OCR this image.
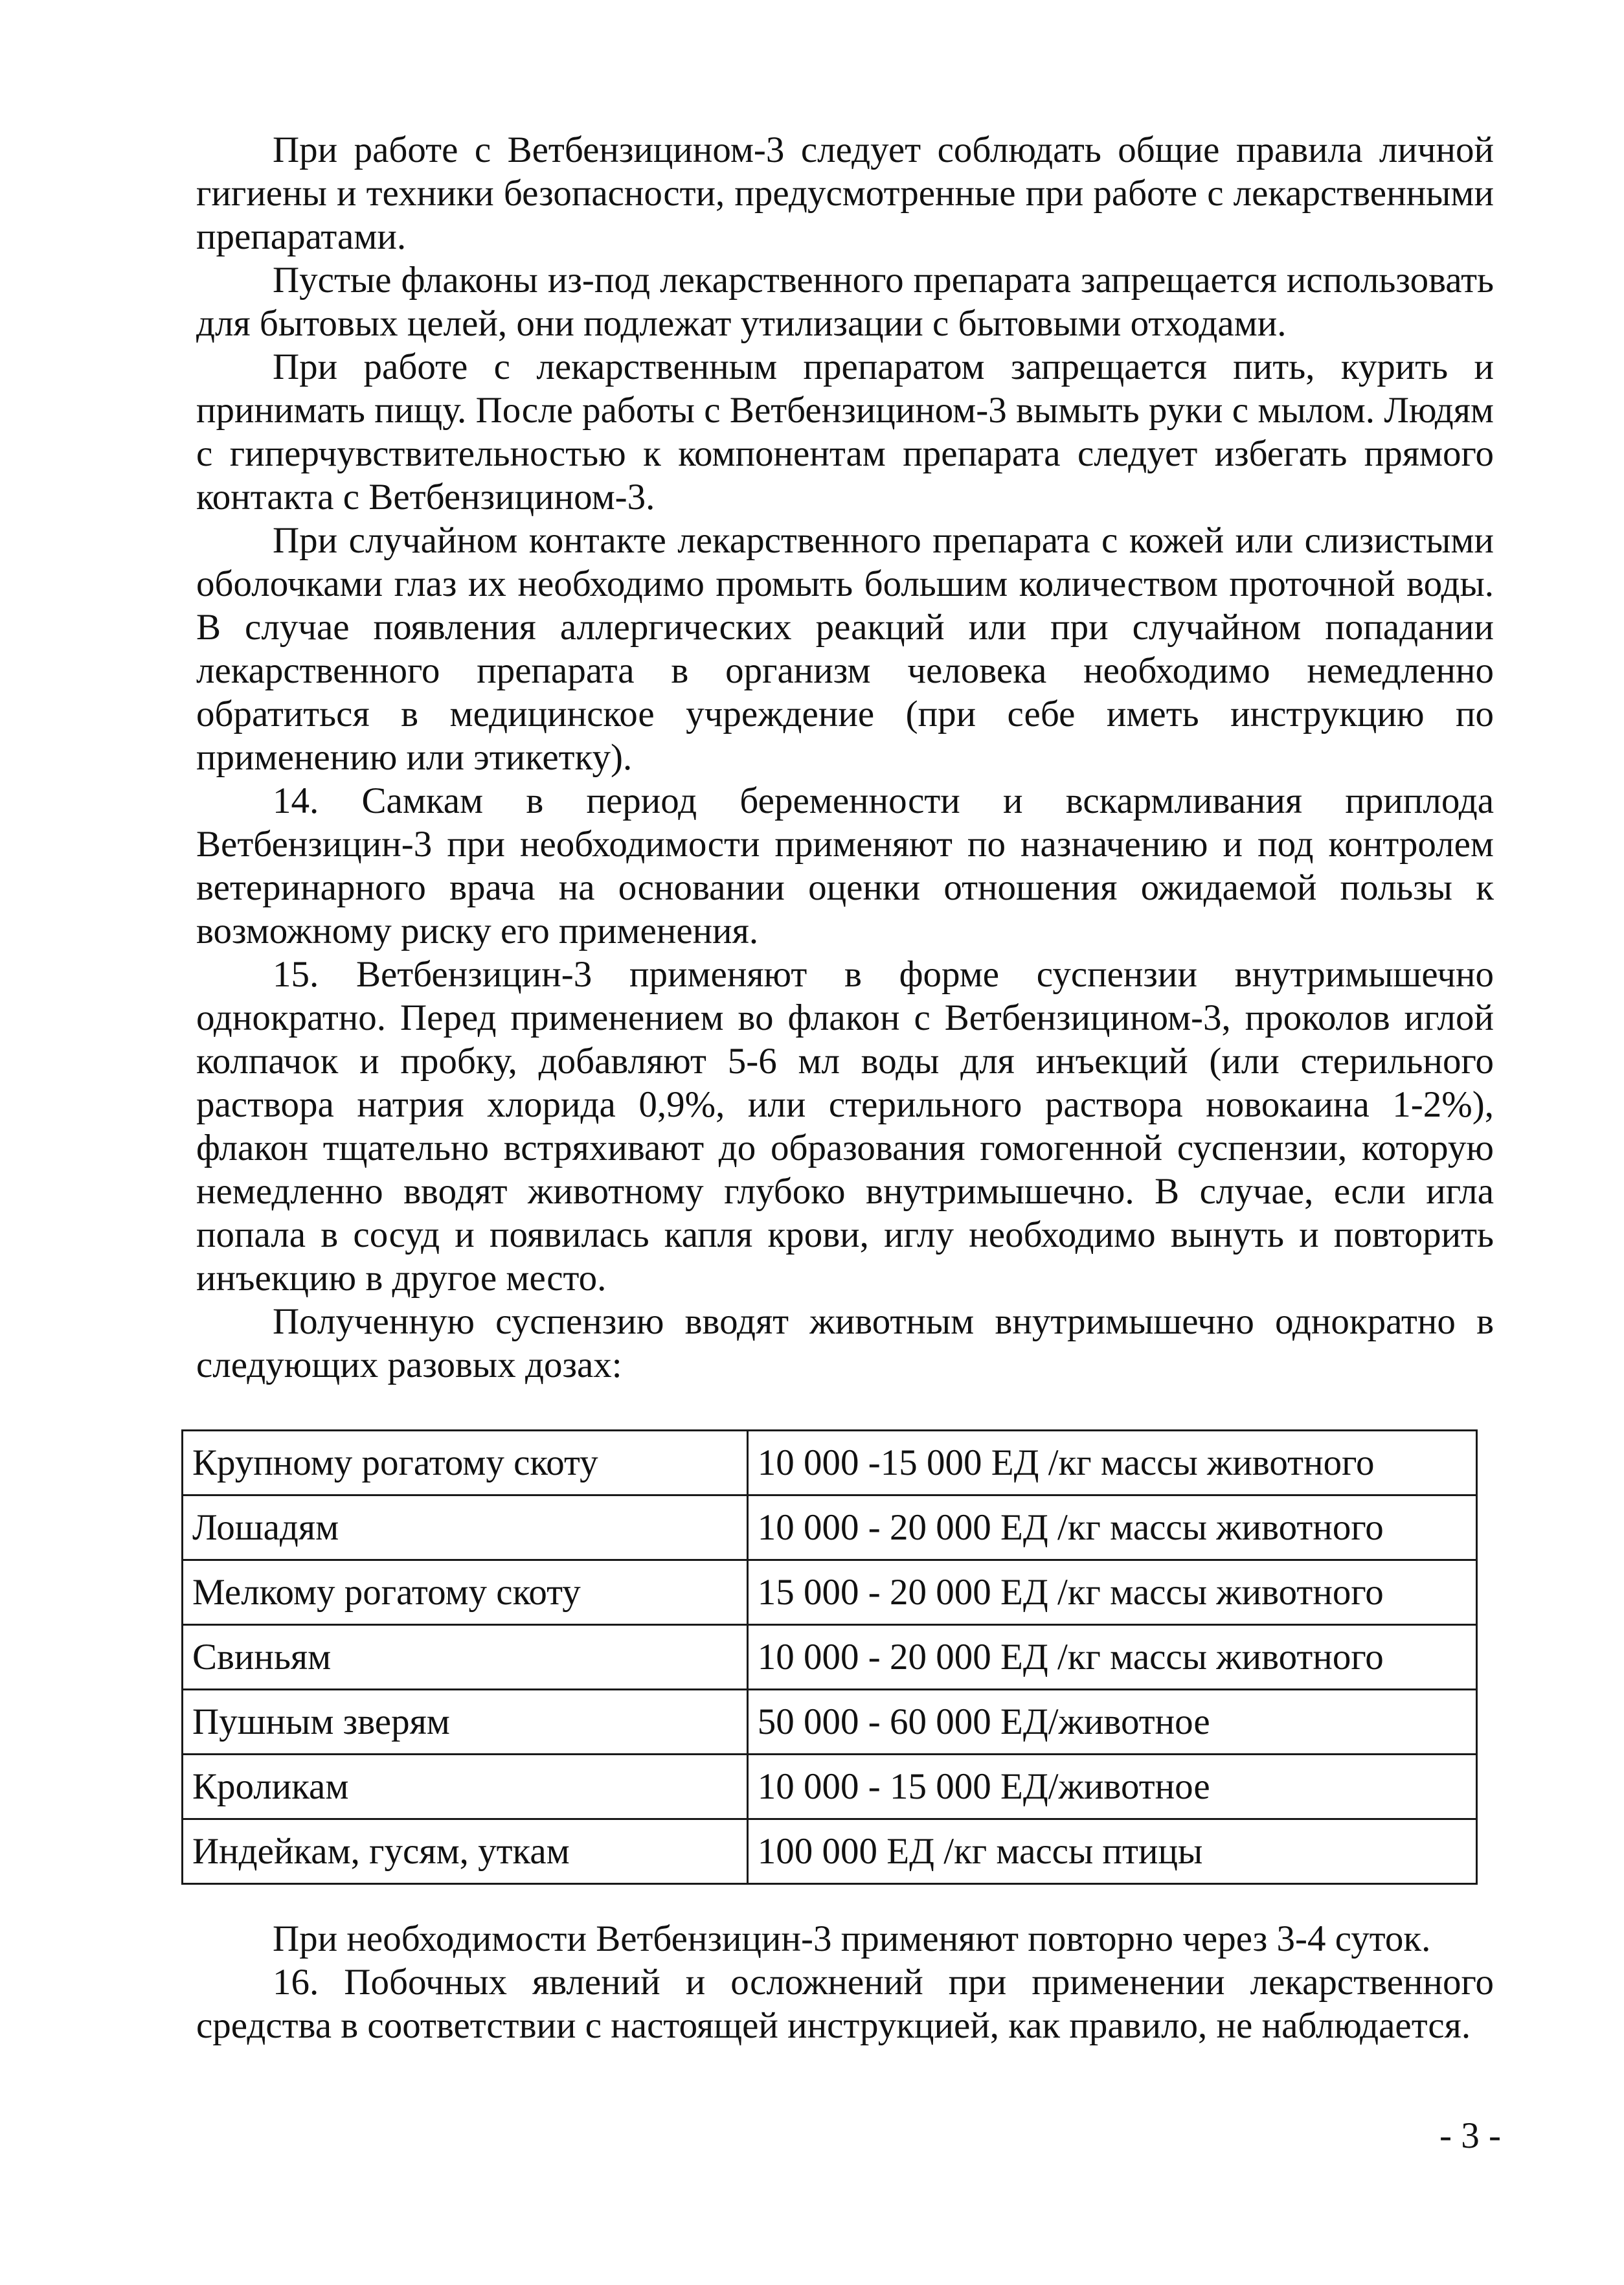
При работе с Ветбензицином-3 следует соблюдать общие правила личной гигиены и техники безопасности, предусмотренные при работе с лекарственными препаратами.

Пустые флаконы из-под лекарственного препарата запрещается использовать для бытовых целей, они подлежат утилизации с бытовыми отходами.

При работе с лекарственным препаратом запрещается пить, курить и принимать пищу. После работы с Ветбензицином-3 вымыть руки с мылом. Людям с гиперчувствительностью к компонентам препарата следует избегать прямого контакта с Ветбензицином-3.

При случайном контакте лекарственного препарата с кожей или слизистыми оболочками глаз их необходимо промыть большим количеством проточной воды. В случае появления аллергических реакций или при случайном попадании лекарственного препарата в организм человека необходимо немедленно обратиться в медицинское учреждение (при себе иметь инструкцию по применению или этикетку).

14. Самкам в период беременности и вскармливания приплода Ветбензицин-3 при необходимости применяют по назначению и под контролем ветеринарного врача на основании оценки отношения ожидаемой пользы к возможному риску его применения.

15. Ветбензицин-3 применяют в форме суспензии внутримышечно однократно. Перед применением во флакон с Ветбензицином-3, проколов иглой колпачок и пробку, добавляют 5-6 мл воды для инъекций (или стерильного раствора натрия хлорида 0,9%, или стерильного раствора новокаина 1-2%), флакон тщательно встряхивают до образования гомогенной суспензии, которую немедленно вводят животному глубоко внутримышечно. В случае, если игла попала в сосуд и появилась капля крови, иглу необходимо вынуть и повторить инъекцию в другое место.

Полученную суспензию вводят животным внутримышечно однократно в следующих разовых дозах:

Крупному рогатому скоту	10 000 -15 000 ЕД /кг массы животного
Лошадям	10 000 - 20 000 ЕД /кг массы животного
Мелкому рогатому скоту	15 000 - 20 000 ЕД /кг массы животного
Свиньям	10 000 - 20 000 ЕД /кг массы животного
Пушным зверям	50 000 - 60 000 ЕД/животное
Кроликам	10 000 - 15 000 ЕД/животное
Индейкам, гусям, уткам	100 000 ЕД /кг массы птицы

При необходимости Ветбензицин-3 применяют повторно через 3-4 суток.

16. Побочных явлений и осложнений при применении лекарственного средства в соответствии с настоящей инструкцией, как правило, не наблюдается.

- 3 -
